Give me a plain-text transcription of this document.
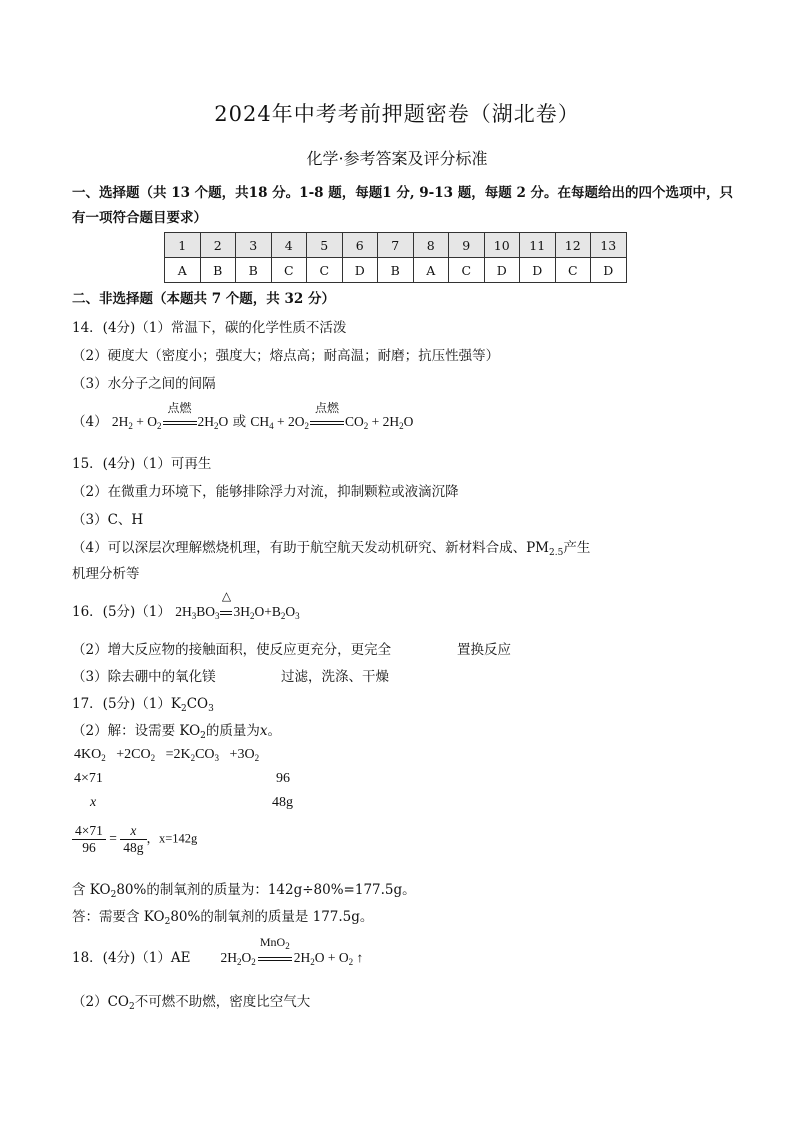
2024年中考考前押题密卷（湖北卷）
化学·参考答案及评分标准
一、选择题（共 13 个题，共18 分。1-8 题，每题1 分, 9-13 题，每题 2 分。在每题给出的四个选项中，只
有一项符合题目要求）
1	2	3	4	5	6	7	8	9	10	11	12	13
A	B	B	C	C	D	B	A	C	D	D	C	D
二、非选择题（本题共 7 个题，共 32 分）
14．(4分)（1）常温下，碳的化学性质不活泼
（2）硬度大（密度小；强度大；熔点高；耐高温；耐磨；抗压性强等）
（3）水分子之间的间隔
（4） $2H_2 + O_2$
点燃
$2H_2O$ 或 $CH_4 + 2O_2$
点燃
$CO_2 + 2H_2O$
15．(4分)（1）可再生
（2）在微重力环境下，能够排除浮力对流，抑制颗粒或液滴沉降
（3）C、H
（4）可以深层次理解燃烧机理，有助于航空航天发动机研究、新材料合成、$PM_{2.5}$产生
机理分析等
16．(5分)（1） $2H_3BO_3$
△
$3H_2O+B_2O_3$
（2）增大反应物的接触面积，使反应更充分，更完全	置换反应
（3）除去硼中的氧化镁	过滤，洗涤、干燥
17．(5分)$(1)K_2CO_3$
（2）解：设需要 $KO_2$的质量为x。
$4KO_2 +2CO_2 =2K_2CO_3 +3O_2$
4×71	96
x	48g
$\frac{4\times 71}{96} = \frac{x}{48g}$ ，x=142g
含 $KO_280\%$的制氧剂的质量为：142g÷80%=177.5g。
答：需要含 $KO_280\%$的制氧剂的质量是 177.5g。
18．(4分)（1）AE $2H_2O_2$
MnO$_2$
$2H_2O + O_2$ ↑
$(2)CO_2$不可燃不助燃，密度比空气大
